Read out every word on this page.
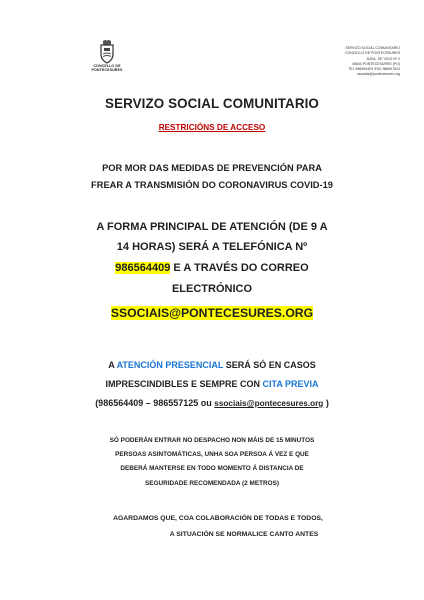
CONCELLO DE
PONTECESURES
SERVIZO SOCIAL COMUNITARIO
CONCELLO DE PONTECESURES
AVDA. DE VIGO Nº 2
36640 PONTECESURES (PO)
TEL 986564409 /FAX 986557524
ssociais@pontecesures.org
SERVIZO SOCIAL COMUNITARIO
RESTRICIÓNS DE ACCESO
POR MOR DAS MEDIDAS DE PREVENCIÓN PARA
FREAR A TRANSMISIÓN DO CORONAVIRUS COVID-19
A FORMA PRINCIPAL DE ATENCIÓN (DE 9 A
14 HORAS) SERÁ A TELEFÓNICA Nº
986564409 E A TRAVÉS DO CORREO
ELECTRÓNICO
SSOCIAIS@PONTECESURES.ORG
A ATENCIÓN PRESENCIAL SERÁ SÓ EN CASOS
IMPRESCINDIBLES E SEMPRE CON CITA PREVIA
(986564409 – 986557125 ou ssociais@pontecesures.org )
SÓ PODERÁN ENTRAR NO DESPACHO NON MÁIS DE 15 MINUTOS
PERSOAS ASINTOMÁTICAS, UNHA SOA PERSOA Á VEZ E QUE
DEBERÁ MANTERSE EN TODO MOMENTO Á DISTANCIA DE
SEGURIDADE RECOMENDADA (2 METROS)
AGARDAMOS QUE, COA COLABORACIÓN DE TODAS E TODOS,
A SITUACIÓN SE NORMALICE CANTO ANTES
